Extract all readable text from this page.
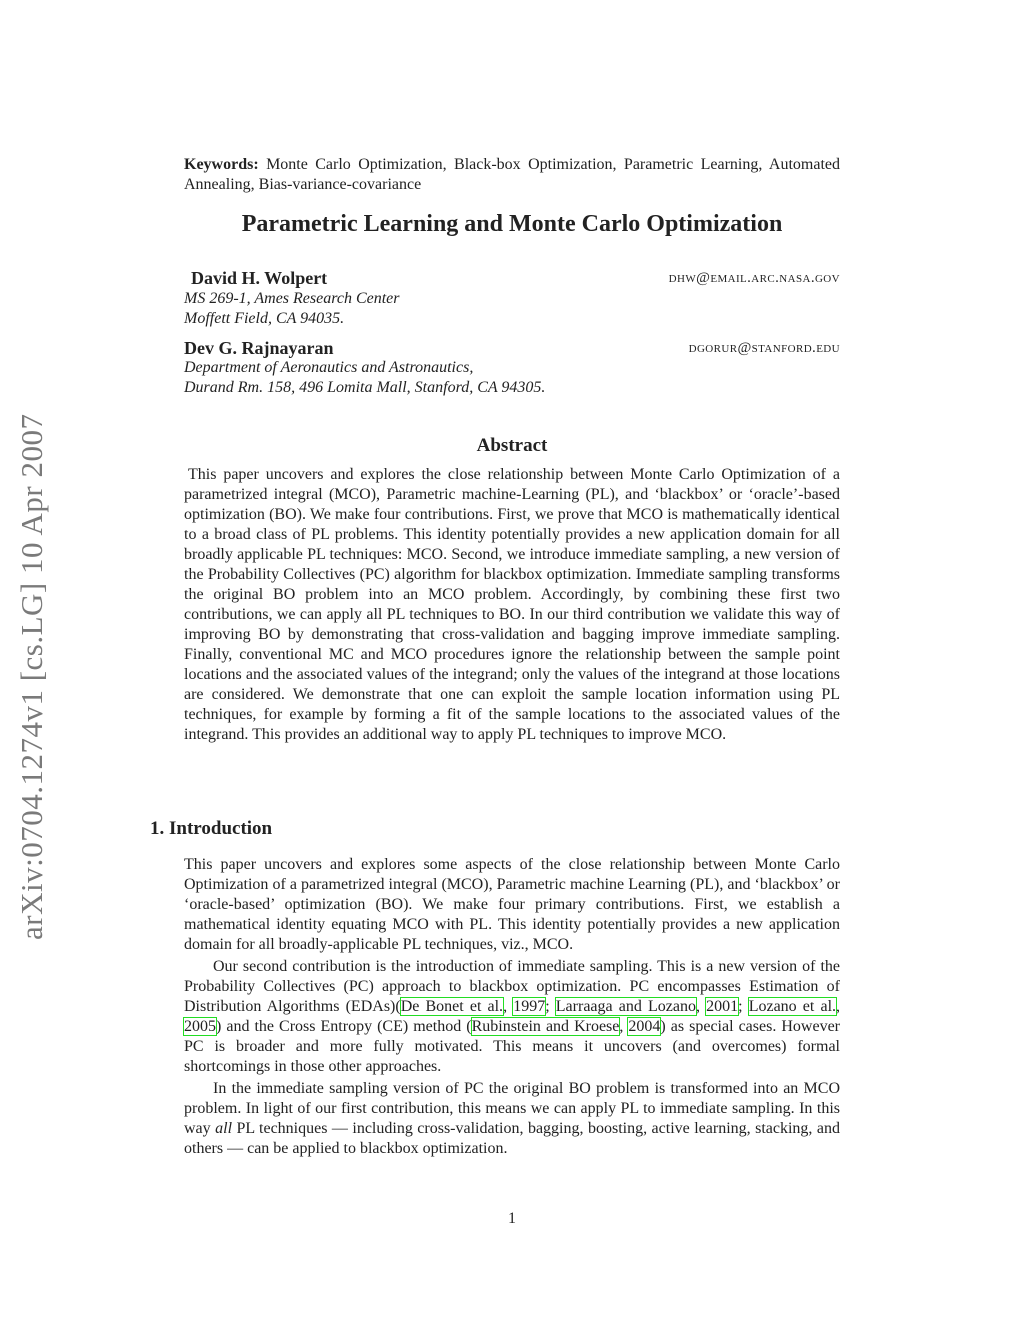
arXiv:0704.1274v1 [cs.LG] 10 Apr 2007
Keywords: Monte Carlo Optimization, Black-box Optimization, Parametric Learning, Automated Annealing, Bias-variance-covariance
Parametric Learning and Monte Carlo Optimization
David H. Wolpert	dhw@email.arc.nasa.gov
MS 269-1, Ames Research Center
Moffett Field, CA 94035.
Dev G. Rajnayaran	dgorur@stanford.edu
Department of Aeronautics and Astronautics,
Durand Rm. 158, 496 Lomita Mall, Stanford, CA 94305.
Abstract

This paper uncovers and explores the close relationship between Monte Carlo Optimization of a parametrized integral (MCO), Parametric machine-Learning (PL), and ‘blackbox’ or ‘oracle’-based optimization (BO). We make four contributions. First, we prove that MCO is mathematically identical to a broad class of PL problems. This identity potentially provides a new application domain for all broadly applicable PL techniques: MCO. Second, we introduce immediate sampling, a new version of the Probability Collectives (PC) algorithm for blackbox optimization. Immediate sampling transforms the original BO problem into an MCO problem. Accordingly, by combining these first two contributions, we can apply all PL techniques to BO. In our third contribution we validate this way of improving BO by demonstrating that cross-validation and bagging improve immediate sampling. Finally, conventional MC and MCO procedures ignore the relationship between the sample point locations and the associated values of the integrand; only the values of the integrand at those locations are considered. We demonstrate that one can exploit the sample location information using PL techniques, for example by forming a fit of the sample locations to the associated values of the integrand. This provides an additional way to apply PL techniques to improve MCO.

1. Introduction

This paper uncovers and explores some aspects of the close relationship between Monte Carlo Optimization of a parametrized integral (MCO), Parametric machine Learning (PL), and ‘blackbox’ or ‘oracle-based’ optimization (BO). We make four primary contributions. First, we establish a mathematical identity equating MCO with PL. This identity potentially provides a new application domain for all broadly-applicable PL techniques, viz., MCO.

Our second contribution is the introduction of immediate sampling. This is a new version of the Probability Collectives (PC) approach to blackbox optimization. PC encompasses Estimation of Distribution Algorithms (EDAs)(De Bonet et al., 1997; Larraaga and Lozano, 2001; Lozano et al., 2005) and the Cross Entropy (CE) method (Rubinstein and Kroese, 2004) as special cases. However PC is broader and more fully motivated. This means it uncovers (and overcomes) formal shortcomings in those other approaches.

In the immediate sampling version of PC the original BO problem is transformed into an MCO problem. In light of our first contribution, this means we can apply PL to immediate sampling. In this way all PL techniques — including cross-validation, bagging, boosting, active learning, stacking, and others — can be applied to blackbox optimization.

1
